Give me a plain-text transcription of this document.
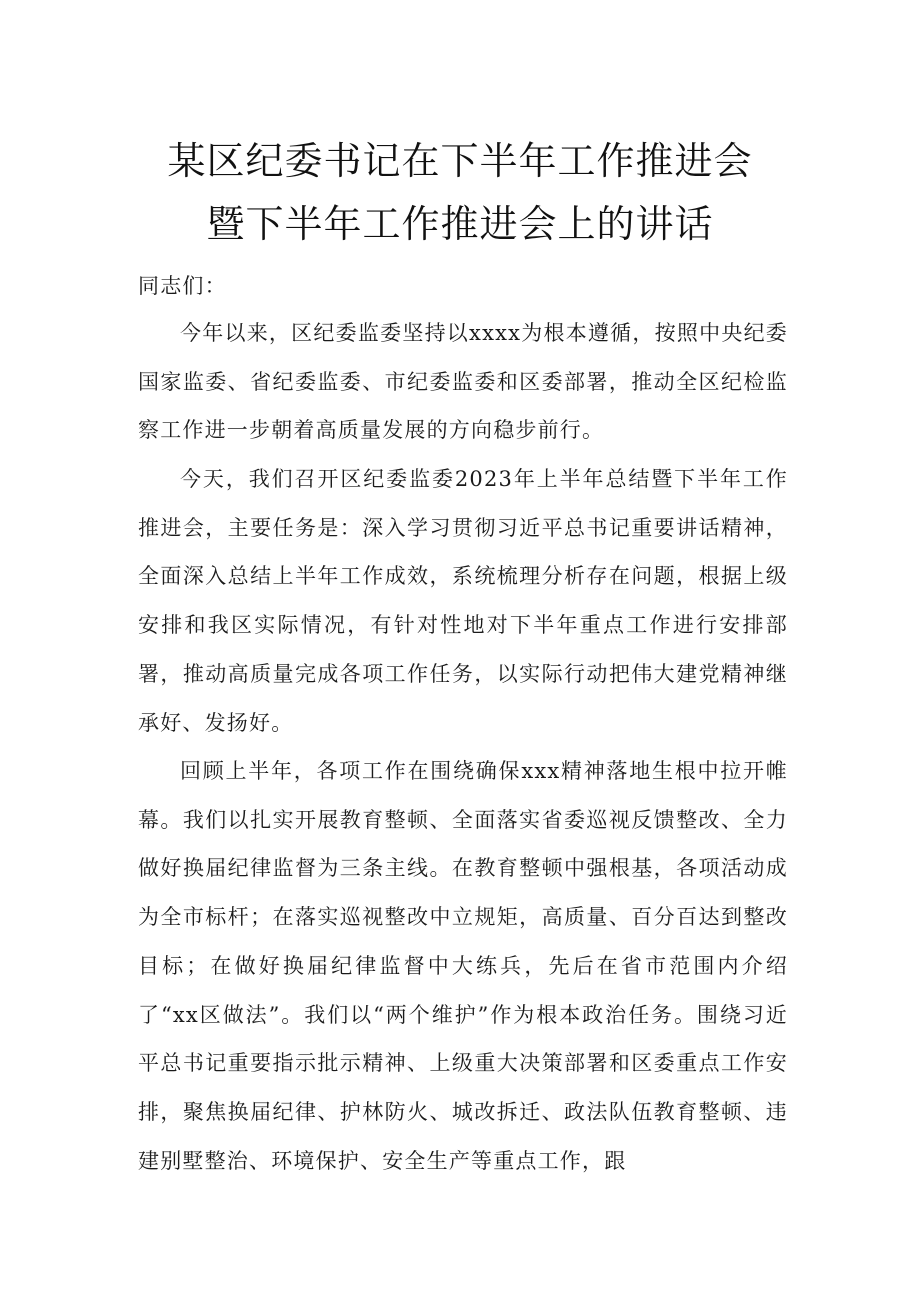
某区纪委书记在下半年工作推进会
暨下半年工作推进会上的讲话
同志们：

今年以来，区纪委监委坚持以xxxx为根本遵循，按照中央纪委国家监委、省纪委监委、市纪委监委和区委部署，推动全区纪检监察工作进一步朝着高质量发展的方向稳步前行。

今天，我们召开区纪委监委2023年上半年总结暨下半年工作推进会，主要任务是：深入学习贯彻习近平总书记重要讲话精神，全面深入总结上半年工作成效，系统梳理分析存在问题，根据上级安排和我区实际情况，有针对性地对下半年重点工作进行安排部署，推动高质量完成各项工作任务，以实际行动把伟大建党精神继承好、发扬好。

回顾上半年，各项工作在围绕确保xxx精神落地生根中拉开帷幕。我们以扎实开展教育整顿、全面落实省委巡视反馈整改、全力做好换届纪律监督为三条主线。在教育整顿中强根基，各项活动成为全市标杆；在落实巡视整改中立规矩，高质量、百分百达到整改目标；在做好换届纪律监督中大练兵，先后在省市范围内介绍了“xx区做法”。我们以“两个维护”作为根本政治任务。围绕习近平总书记重要指示批示精神、上级重大决策部署和区委重点工作安排，聚焦换届纪律、护林防火、城改拆迁、政法队伍教育整顿、违建别墅整治、环境保护、安全生产等重点工作，跟
